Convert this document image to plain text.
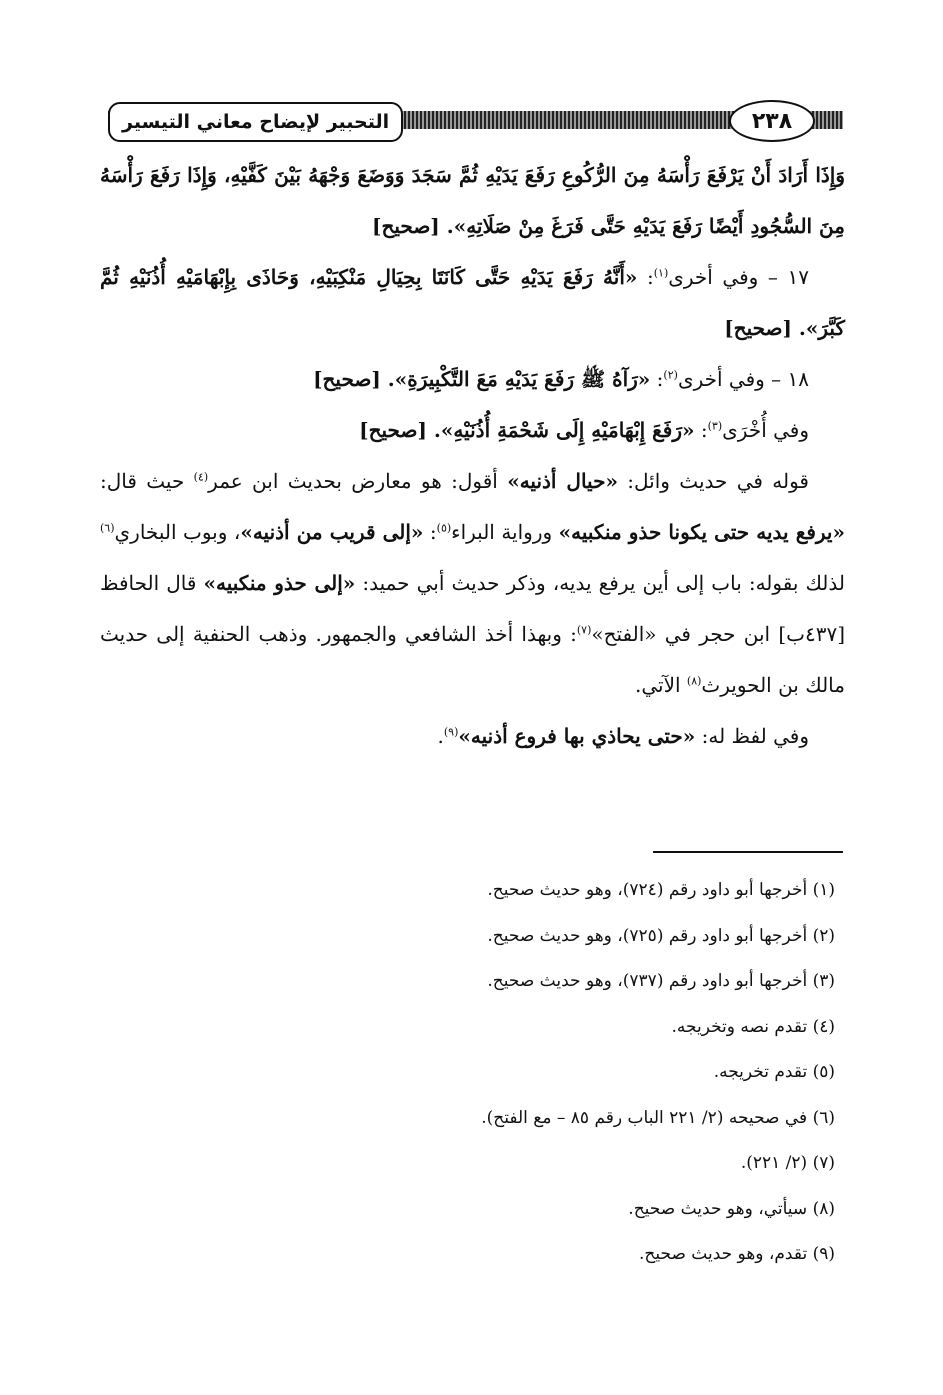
٢٣٨
التحبير لإيضاح معاني التيسير

وَإِذَا أَرَادَ أَنْ يَرْفَعَ رَأْسَهُ مِنَ الرُّكُوعِ رَفَعَ يَدَيْهِ ثُمَّ سَجَدَ وَوَضَعَ وَجْهَهُ بَيْنَ كَفَّيْهِ، وَإِذَا رَفَعَ رَأْسَهُ مِنَ السُّجُودِ أَيْضًا رَفَعَ يَدَيْهِ حَتَّى فَرَغَ مِنْ صَلَاتِهِ». [صحيح]

١٧ – وفي أخرى$^{(١)}$: «أَنَّهُ رَفَعَ يَدَيْهِ حَتَّى كَانَتَا بِحِيَالِ مَنْكِبَيْهِ، وَحَاذَى بِإِبْهَامَيْهِ أُذُنَيْهِ ثُمَّ كَبَّرَ». [صحيح]

١٨ – وفي أخرى$^{(٢)}$: «رَآهُ ﷺ رَفَعَ يَدَيْهِ مَعَ التَّكْبِيرَةِ». [صحيح]

وفي أُخْرَى$^{(٣)}$: «رَفَعَ إِبْهَامَيْهِ إِلَى شَحْمَةِ أُذُنَيْهِ». [صحيح]

قوله في حديث وائل: «حيال أذنيه» أقول: هو معارض بحديث ابن عمر$^{(٤)}$ حيث قال: «يرفع يديه حتى يكونا حذو منكبيه» ورواية البراء$^{(٥)}$: «إلى قريب من أذنيه»، وبوب البخاري$^{(٦)}$ لذلك بقوله: باب إلى أين يرفع يديه، وذكر حديث أبي حميد: «إلى حذو منكبيه» قال الحافظ [٤٣٧ب] ابن حجر في «الفتح»$^{(٧)}$: وبهذا أخذ الشافعي والجمهور. وذهب الحنفية إلى حديث مالك بن الحويرث$^{(٨)}$ الآتي.

وفي لفظ له: «حتى يحاذي بها فروع أذنيه»$^{(٩)}$.

(١) أخرجها أبو داود رقم (٧٢٤)، وهو حديث صحيح.
(٢) أخرجها أبو داود رقم (٧٢٥)، وهو حديث صحيح.
(٣) أخرجها أبو داود رقم (٧٣٧)، وهو حديث صحيح.
(٤) تقدم نصه وتخريجه.
(٥) تقدم تخريجه.
(٦) في صحيحه (٢/ ٢٢١ الباب رقم ٨٥ – مع الفتح).
(٧) (٢/ ٢٢١).
(٨) سيأتي، وهو حديث صحيح.
(٩) تقدم، وهو حديث صحيح.
